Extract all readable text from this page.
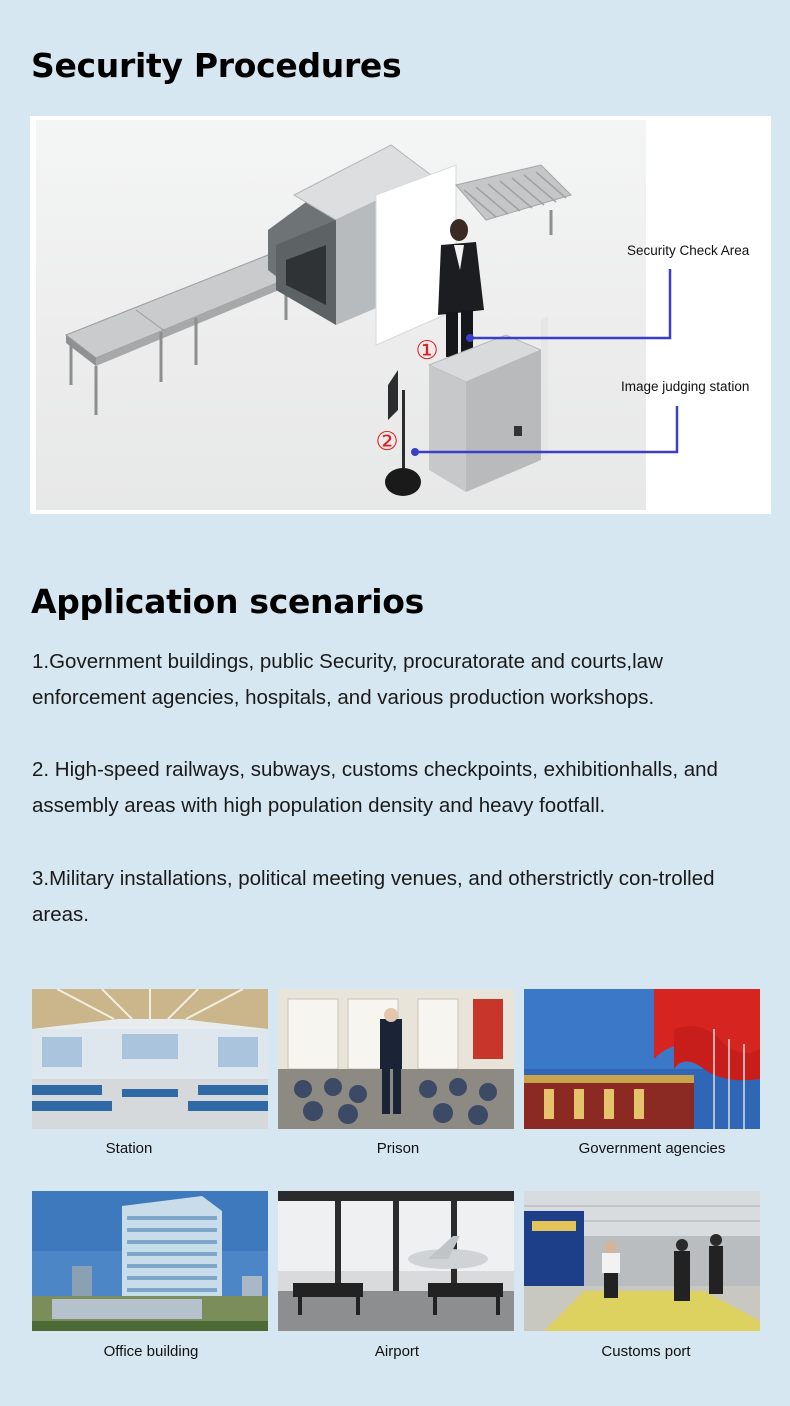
Security Procedures
①
②
Security Check Area
Image judging station
Application scenarios

1.Government buildings, public Security, procuratorate and courts,law enforcement agencies, hospitals, and various production workshops.

2. High-speed railways, subways, customs checkpoints, exhibitionhalls, and assembly areas with high population density and heavy footfall.

3.Military installations, political meeting venues, and otherstrictly con-trolled areas.

Station	Prison	Government agencies
Office building	Airport	Customs port
